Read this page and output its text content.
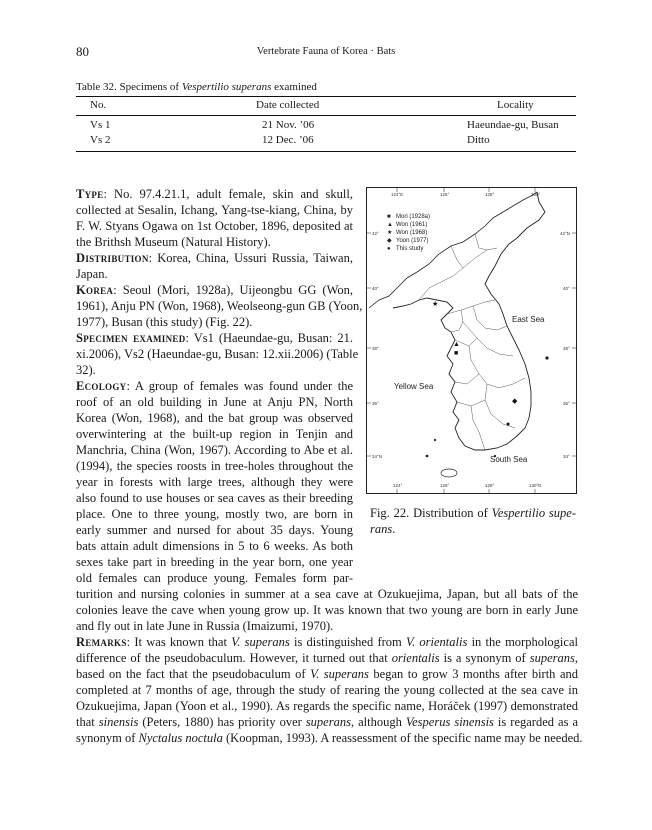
80	Vertebrate Fauna of Korea · Bats
Table 32. Specimens of Vespertilio superans examined
No.	Date collected	Locality
Vs 1	21 Nov. ’06	Haeundae-gu, Busan
Vs 2	12 Dec. ’06	Ditto
Type: No. 97.4.21.1, adult female, skin and skull,
collected at Sesalin, Ichang, Yang-tse-kiang, China, by
F. W. Styans Ogawa on 1st October, 1896, deposited at
the Brithsh Museum (Natural History).
Distribution: Korea, China, Ussuri Russia, Taiwan,
Japan.
Korea: Seoul (Mori, 1928a), Uijeongbu GG (Won,
1961), Anju PN (Won, 1968), Weolseong-gun GB (Yoon,
1977), Busan (this study) (Fig. 22).
Specimen examined: Vs1 (Haeundae-gu, Busan: 21.
xi.2006), Vs2 (Haeundae-gu, Busan: 12.xii.2006) (Table
32).
Ecology: A group of females was found under the
roof of an old building in June at Anju PN, North
Korea (Won, 1968), and the bat group was observed
overwintering at the built-up region in Tenjin and
Manchria, China (Won, 1967). According to Abe et al.
(1994), the species roosts in tree-holes throughout the
year in forests with large trees, although they were
also found to use houses or sea caves as their breeding
place. One to three young, mostly two, are born in
early summer and nursed for about 35 days. Young
bats attain adult dimensions in 5 to 6 weeks. As both
sexes take part in breeding in the year born, one year
old females can produce young. Females form par-
turition and nursing colonies in summer at a sea cave at Ozukuejima, Japan, but all bats of the
colonies leave the cave when young grow up. It was known that two young are born in early June
and fly out in late June in Russia (Imaizumi, 1970).
Remarks: It was known that V. superans is distinguished from V. orientalis in the morphological
difference of the pseudobaculum. However, it turned out that orientalis is a synonym of superans,
based on the fact that the pseudobaculum of V. superans began to grow 3 months after birth and
completed at 7 months of age, through the study of rearing the young collected at the sea cave in
Ozukuejima, Japan (Yoon et al., 1990). As regards the specific name, Horáček (1997) demonstrated
that sinensis (Peters, 1880) has priority over superans, although Vesperus sinensis is regarded as a
synonym of Nyctalus noctula (Koopman, 1993). A reassessment of the specific name may be needed.
124°E	126°	128°	130°
124°	126°	128°	130°E
42°
40°
38°
36°
34°N
42°N
40°
38°
36°
34°
■ Mori (1928a)
▲ Won (1961)
★ Won (1968)
◆ Yoon (1977)
● This study
★
▲
■
◆
●
East Sea
Yellow Sea
South Sea
Fig. 22. Distribution of Vespertilio supe-
rans.
